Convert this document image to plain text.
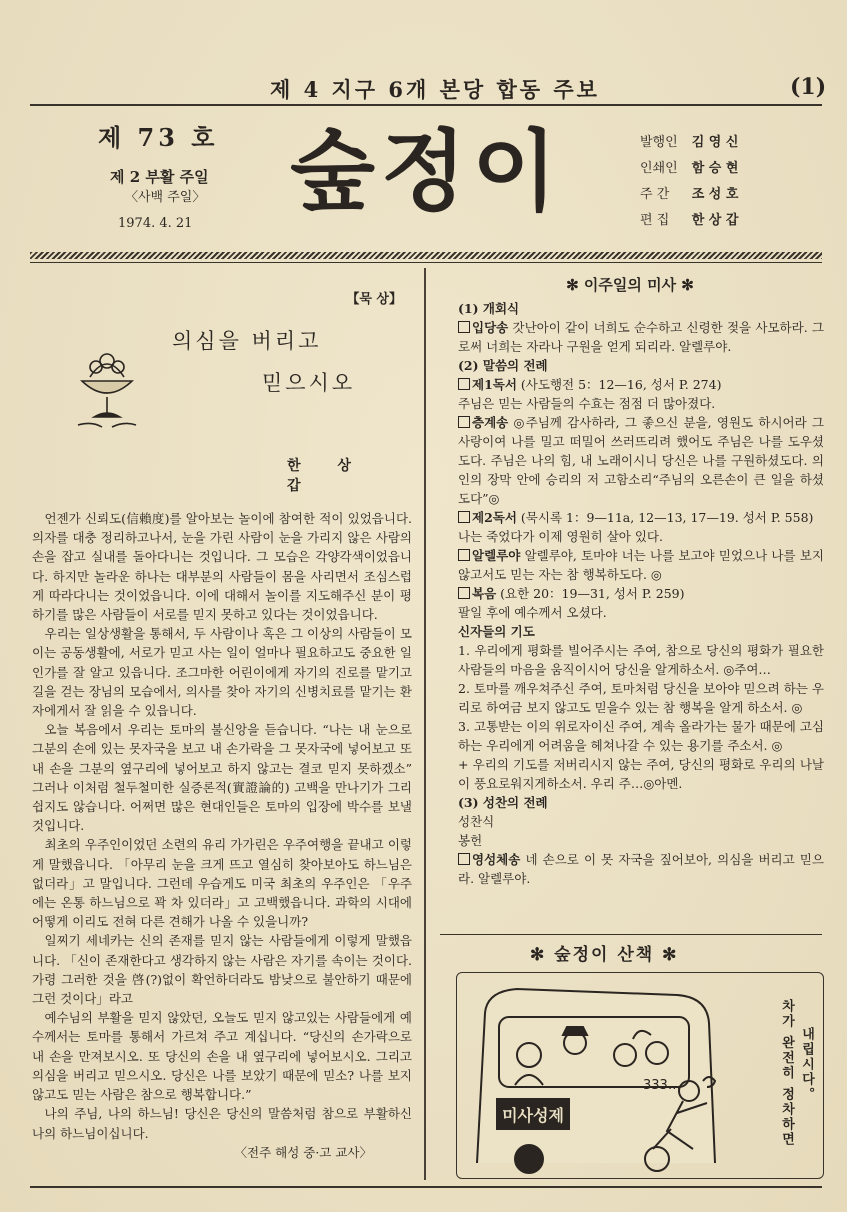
제 4 지구 6개 본당 합동 주보	(1)
제 73 호
제 2 부활 주일
〈사백 주일〉
1974. 4. 21
숲정이	발행인	김 영 신
인쇄인	함 승 현
주 간	조 성 호
편 집	한 상 갑
【묵 상】
의심을 버리고
믿으시오
한 상 갑

언젠가 신뢰도(信賴度)를 알아보는 놀이에 참여한 적이 있었읍니다. 의자를 대충 정리하고나서, 눈을 가린 사람이 눈을 가리지 않은 사람의 손을 잡고 실내를 돌아다니는 것입니다. 그 모습은 각양각색이었읍니다. 하지만 놀라운 하나는 대부분의 사람들이 몸을 사리면서 조심스럽게 따라다니는 것이었읍니다. 이에 대해서 놀이를 지도해주신 분이 평하기를 많은 사람들이 서로를 믿지 못하고 있다는 것이었읍니다.

우리는 일상생활을 통해서, 두 사람이나 혹은 그 이상의 사람들이 모이는 공동생활에, 서로가 믿고 사는 일이 얼마나 필요하고도 중요한 일인가를 잘 알고 있읍니다. 조그마한 어린이에게 자기의 진로를 맡기고 길을 걷는 장님의 모습에서, 의사를 찾아 자기의 신병치료를 맡기는 환자에게서 잘 읽을 수 있읍니다.

오늘 복음에서 우리는 토마의 불신앙을 듣습니다. “나는 내 눈으로 그분의 손에 있는 못자국을 보고 내 손가락을 그 못자국에 넣어보고 또 내 손을 그분의 옆구리에 넣어보고 하지 않고는 결코 믿지 못하겠소” 그러나 이처럼 철두철미한 실증론적(實證論的) 고백을 만나기가 그리 쉽지도 않습니다. 어쩌면 많은 현대인들은 토마의 입장에 박수를 보낼 것입니다.

최초의 우주인이었던 소련의 유리 가가린은 우주여행을 끝내고 이렇게 말했읍니다. 「아무리 눈을 크게 뜨고 열심히 찾아보아도 하느님은 없더라」고 말입니다. 그런데 우습게도 미국 최초의 우주인은 「우주에는 온통 하느님으로 꽉 차 있더라」고 고백했읍니다. 과학의 시대에 어떻게 이리도 전혀 다른 견해가 나올 수 있을니까?

일찌기 세네카는 신의 존재를 믿지 않는 사람들에게 이렇게 말했읍니다. 「신이 존재한다고 생각하지 않는 사람은 자기를 속이는 것이다. 가령 그러한 것을 啓(?)없이 확언하더라도 밤낮으로 불안하기 때문에 그런 것이다」라고

예수님의 부활을 믿지 않았던, 오늘도 믿지 않고있는 사람들에게 예수께서는 토마를 통해서 가르쳐 주고 계십니다. “당신의 손가락으로 내 손을 만져보시오. 또 당신의 손을 내 옆구리에 넣어보시오. 그리고 의심을 버리고 믿으시오. 당신은 나를 보았기 때문에 믿소? 나를 보지 않고도 믿는 사람은 참으로 행복합니다.”

나의 주님, 나의 하느님! 당신은 당신의 말씀처럼 참으로 부활하신 나의 하느님이십니다.

〈전주 해성 중·고 교사〉
✻ 이주일의 미사 ✻
(1) 개회식

입당송 갓난아이 같이 너희도 순수하고 신령한 젖을 사모하라. 그로써 너희는 자라나 구원을 얻게 되리라. 알렐루야.

(2) 말씀의 전례

제1독서 (사도행전 5：12—16, 성서 P. 274)

주님은 믿는 사람들의 수효는 점점 더 많아졌다.

층계송 ◎주님께 감사하라, 그 좋으신 분을, 영원도 하시어라 그 사랑이여 나를 밀고 떠밀어 쓰러뜨리려 했어도 주님은 나를 도우셨도다. 주님은 나의 힘, 내 노래이시니 당신은 나를 구원하셨도다. 의인의 장막 안에 승리의 저 고함소리“주님의 오른손이 큰 일을 하셨도다”◎

제2독서 (묵시록 1：9—11a, 12—13, 17—19. 성서 P. 558)

나는 죽었다가 이제 영원히 살아 있다.

알렐루야 알렐루야, 토마야 너는 나를 보고야 믿었으나 나를 보지 않고서도 믿는 자는 참 행복하도다. ◎

복음 (요한 20：19—31, 성서 P. 259)

팔일 후에 예수께서 오셨다.

신자들의 기도

1. 우리에게 평화를 빌어주시는 주여, 참으로 당신의 평화가 필요한 사람들의 마음을 움직이시어 당신을 알게하소서. ◎주여…

2. 토마를 깨우쳐주신 주여, 토마처럼 당신을 보아야 믿으려 하는 우리로 하여금 보지 않고도 믿을수 있는 참 행복을 알게 하소서. ◎

3. 고통받는 이의 위로자이신 주여, 계속 올라가는 물가 때문에 고심하는 우리에게 어려움을 헤쳐나갈 수 있는 용기를 주소서. ◎

+ 우리의 기도를 저버리시지 않는 주여, 당신의 평화로 우리의 나날이 풍요로워지게하소서. 우리 주…◎아멘.

(3) 성찬의 전례

성찬식

봉헌

영성체송 네 손으로 이 못 자국을 짚어보아, 의심을 버리고 믿으라. 알렐루야.

✻ 숲정이 산책 ✻
미사성제
333…	차가 완전히 정차하면 내립시다。
